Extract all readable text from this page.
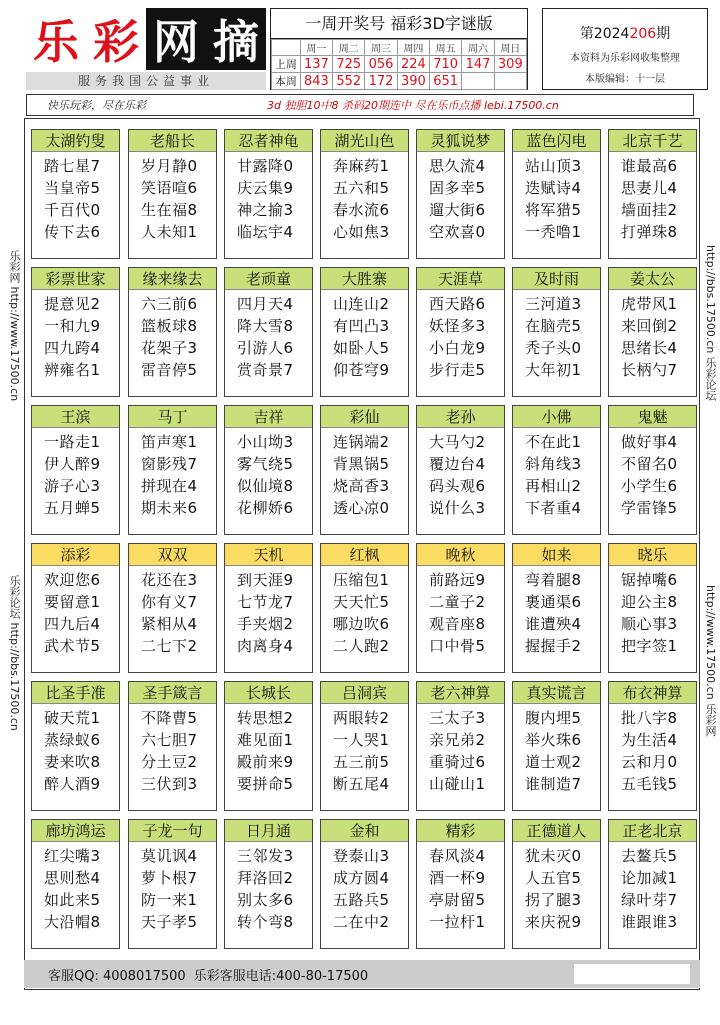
乐 彩 网 摘
服务我国公益事业
一周开奖号 福彩3D字谜版
	周一	周二	周三	周四	周五	周六	周日
上周	137	725	056	224	710	147	309
本周	843	552	172	390	651		
第2024206期
本资料为乐彩网收集整理
本版编辑：十一层
快乐玩彩，尽在乐彩	3d 独胆10中8 杀码20期连中 尽在乐币点播 lebi.17500.cn
太湖钓叟
踏七星7
当皇帝5
千百代0
传下去6
老船长
岁月静0
笑语喧6
生在福8
人未知1
忍者神龟
甘露降0
庆云集9
神之揄3
临坛宇4
湖光山色
奔麻药1
五六和5
春水流6
心如焦3
灵狐说梦
思久流4
固多幸5
遛大街6
空欢喜0
蓝色闪电
站山顶3
迭赋诗4
将军猎5
一秃噜1
北京千艺
谁最高6
思妻儿4
墙面挂2
打弹珠8
彩票世家
提意见2
一和九9
四九跨4
辨雍名1
缘来缘去
六三前6
篮板球8
花架子3
雷音停5
老顽童
四月天4
降大雪8
引游人6
赏奇景7
大胜寨
山连山2
有凹凸3
如卧人5
仰苍穹9
天涯草
西天路6
妖怪多3
小白龙9
步行走5
及时雨
三河道3
在脑壳5
秃子头0
大年初1
姜太公
虎带风1
来回倒2
思绪长4
长柄勺7
王滨
一路走1
伊人醉9
游子心3
五月蝉5
马丁
笛声寒1
窗影残7
拼现在4
期未来6
吉祥
小山坳3
雾气绕5
似仙境8
花柳娇6
彩仙
连锅端2
背黑锅5
烧高香3
透心凉0
老孙
大马勺2
覆边台4
码头观6
说什么3
小佛
不在此1
斜角线3
再相山2
下者重4
鬼魅
做好事4
不留名0
小学生6
学雷锋5
添彩
欢迎您6
要留意1
四九后4
武术节5
双双
花还在3
你有义7
紧相从4
二七下2
天机
到天涯9
七节龙7
手夹烟2
肉离身4
红枫
压缩包1
天天忙5
哪边吹6
二人跑2
晚秋
前路远9
二童子2
观音座8
口中骨5
如来
弯着腿8
裹通渠6
谁遭殃4
握握手2
晓乐
锯掉嘴6
迎公主8
顺心事3
把字签1
比圣手准
破天荒1
蒸绿蚁6
妻来吹8
醉人酒9
圣手箴言
不降曹5
六七胆7
分土豆2
三伏到3
长城长
转思想2
难见面1
殿前来9
要拼命5
吕洞宾
两眼转2
一人哭1
五三前5
断五尾4
老六神算
三太子3
亲兄弟2
重骑过6
山碰山1
真实谎言
腹内埋5
举火珠6
道士观2
谁制造7
布衣神算
批八字8
为生活4
云和月0
五毛钱5
廊坊鸿运
红尖嘴3
思则愁4
如此来5
大沿帽8
子龙一句
莫讥讽4
萝卜根7
防一来1
天子孝5
日月通
三邻发3
拜洛回2
别太多6
转个弯8
金和
登泰山3
成方圆4
五路兵5
二在中2
精彩
春风淡4
酒一杯9
亭尉留5
一拉杆1
正德道人
犹未灭0
人五官5
拐了腿3
来庆祝9
正老北京
去鳌兵5
论加减1
绿叶芽7
谁跟谁3
乐彩网 http://www.17500.cn
乐彩论坛 http://bbs.17500.cn
http://bbs.17500.cn 乐彩论坛
http://www.17500.cn 乐彩网
客服QQ: 4008017500 乐彩客服电话:400-80-17500
